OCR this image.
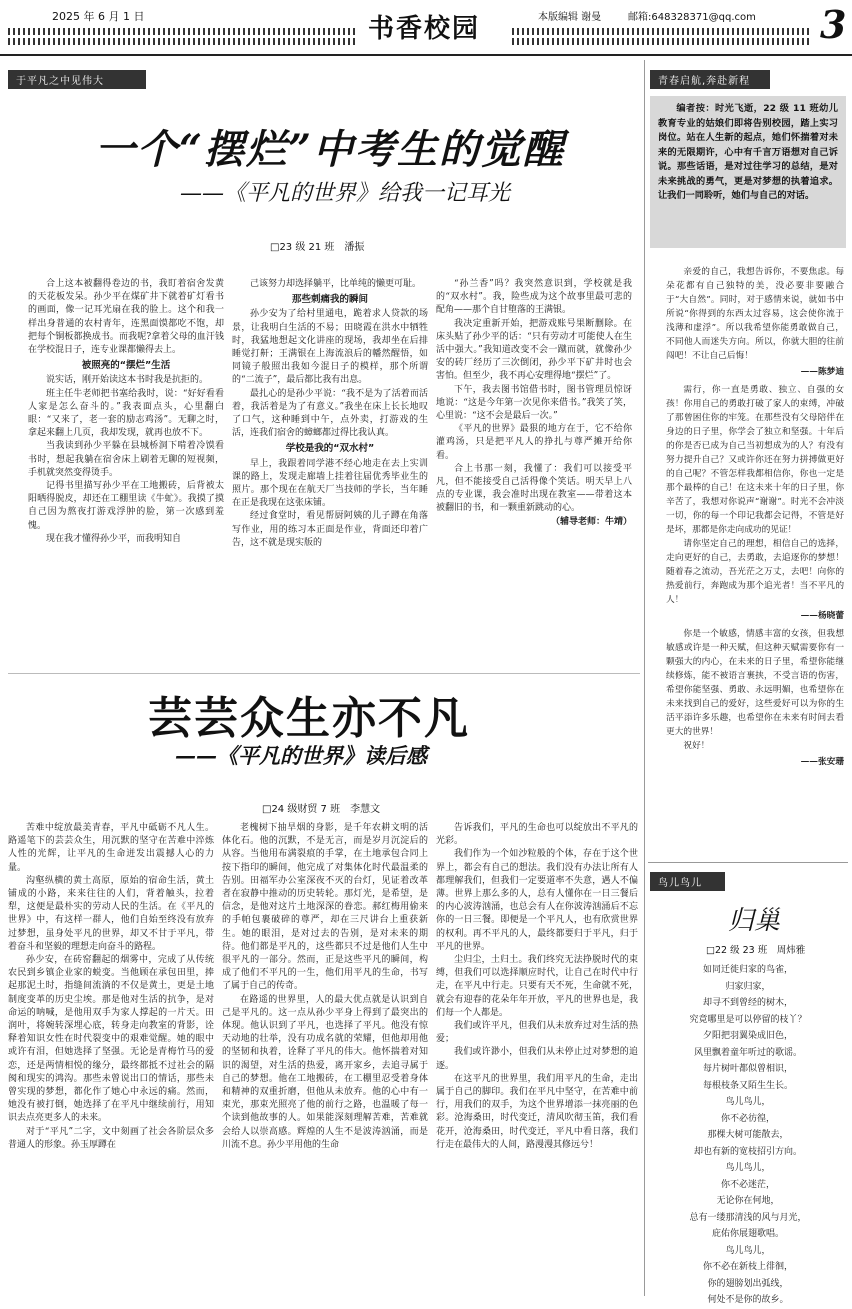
2025 年 6 月 1 日	书香校园	本版编辑 谢曼	邮箱:648328371@qq.com 3
于平凡之中见伟大
一个“摆烂”中考生的觉醒
——《平凡的世界》给我一记耳光
□23 级 21 班　潘振

合上这本被翻得卷边的书，我盯着宿舍发黄的天花板发呆。孙少平在煤矿井下就着矿灯看书的画面，像一记耳光扇在我的脸上。这个和我一样出身普通的农村青年，连黑面馍都吃不饱，却把每个铜板都换成书。而我呢?拿着父母的血汗钱在学校混日子，连专业课都懒得去上。

被照亮的“摆烂”生活

说实话，刚开始读这本书时我是抗拒的。

班主任牛老师把书塞给我时，说：“好好看看人家是怎么奋斗的。”我表面点头，心里翻白眼：“又来了，老一套的励志鸡汤”。无聊之时，拿起来翻上几页，我却发现，就再也放不下。

当我读到孙少平躲在县城桥洞下啃着冷馍看书时，想起我躺在宿舍床上刷着无聊的短视频，手机就突然变得烫手。

记得书里描写孙少平在工地搬砖，后背被太阳晒得脱皮，却还在工棚里读《牛虻》。我摸了摸自己因为熬夜打游戏浮肿的脸，第一次感到羞愧。

现在我才懂得孙少平，而我明知自

己该努力却选择躺平，比单纯的懒更可耻。

那些刺痛我的瞬间

孙少安为了给村里通电，跪着求人贷款的场景，让我明白生活的不易；田晓霞在洪水中牺牲时，我猛地想起文化讲座的现场，我却坐在后排睡觉打鼾；王满银在上海流浪后的幡然醒悟，如同镜子般照出我如今混日子的模样，那个所谓的“二流子”，最后都比我有出息。

最扎心的是孙少平说：“我不是为了活着而活着，我活着是为了有意义。”我坐在床上长长地叹了口气，这种睡到中午，点外卖，打游戏的生活，连我们宿舍的蟑螂都过得比我认真。

学校是我的“双水村”

早上，我跟着同学港不经心地走在去上实训课的路上，发现走廊墙上挂着往届优秀毕业生的照片。那个现在在航天厂当技师的学长，当年睡在正是我现在这张床铺。

经过食堂时，看见帮厨阿姨的儿子蹲在角落写作业，用的练习本正面是作业，背面还印着广告，这不就是现实版的

“孙兰香”吗？我突然意识到，学校就是我的“双水村”。我，险些成为这个故事里最可悲的配角——那个自甘堕落的王满银。

我决定重新开始，把游戏账号果断删除。在床头贴了孙少平的话：“只有劳动才可能使人在生活中强大。”我知道改变不会一蹴而就，就像孙少安的砖厂经历了三次倒闭，孙少平下矿井时也会害怕。但至少，我不再心安理得地“摆烂”了。

下午，我去图书馆借书时，图书管理员惊讶地说：“这是今年第一次见你来借书。”我笑了笑，心里说：“这不会是最后一次。”

《平凡的世界》最狠的地方在于，它不给你灌鸡汤，只是把平凡人的挣扎与尊严摊开给你看。

合上书那一刻，我懂了：我们可以接受平凡，但不能接受自己活得像个笑话。明天早上八点的专业课，我会准时出现在教室——带着这本被翻旧的书，和一颗重新跳动的心。

（辅导老师：牛靖）
芸芸众生亦不凡
——《平凡的世界》读后感
□24 级财贸 7 班　李慧文

苦难中绽放最美青春，平凡中砥砺不凡人生。路遥笔下的芸芸众生，用沉默的坚守在苦难中淬炼人性的光辉，让平凡的生命迸发出震撼人心的力量。

沟壑纵横的黄土高原，原始的宿命生活，黄土铺成的小路，来来往往的人们，背着触头，拉着犁，这便是最朴实的劳动人民的生活。在《平凡的世界》中，有这样一群人，他们自始至终没有放弃过梦想，虽身处平凡的世界，却又不甘于平凡，带着奋斗和坚毅的理想走向奋斗的路程。

孙少安，在砖窑翻起的烟雾中，完成了从传统农民到乡镇企业家的蜕变。当他顾在承包田里，捧起那泥土时，指缝间流淌的不仅是黄土，更是土地制度变革的历史尘埃。那是他对生活的抗争，是对命运的呐喊，是他用双手为家人撑起的一片天。田润叶，将婉转深埋心底，转身走向教室的背影，诠释着知识女性在时代裂变中的艰难觉醒。她的眼中或许有泪，但她选择了坚强。无论是青梅竹马的爱恋，还是两情相悦的缘分，最终都抵不过社会的隔阂和现实的鸿沟。那些未曾说出口的情话，那些未曾实现的梦想，都化作了她心中永远的痛。然而，她没有被打倒，她选择了在平凡中继续前行，用知识去点亮更多人的未来。

对于“平凡”二字，文中刻画了社会各阶层众多普通人的形象。孙玉厚蹲在

老槐树下抽旱烟的身影，是千年农耕文明的活体化石。他的沉默，不是无言，而是岁月沉淀后的从容。当他用布满裂痕的手掌，在土地承包合同上按下指印的瞬间，他完成了对集体化时代最温柔的告别。田福军办公室深夜不灭的台灯，见证着改革者在寂静中推动的历史转轮。那灯光，是希望，是信念，是他对这片土地深深的眷恋。郝红梅用偷来的手帕包裹破碎的尊严，却在三尺讲台上重获新生。她的眼泪，是对过去的告别，是对未来的期待。他们都是平凡的，这些都只不过是他们人生中很平凡的一部分。然而，正是这些平凡的瞬间，构成了他们不平凡的一生，他们用平凡的生命，书写了属于自己的传奇。

在路遥的世界里，人的最大优点就是认识到自己是平凡的。这一点从孙少平身上得到了最突出的体现。他认识到了平凡，也选择了平凡。他没有惊天动地的壮举，没有功成名就的荣耀，但他却用他的坚韧和执着，诠释了平凡的伟大。他怀揣着对知识的渴望，对生活的热爱，离开家乡，去追寻属于自己的梦想。他在工地搬砖，在工棚里忍受着身体和精神的双重折磨，但他从未放弃。他的心中有一束光，那束光照亮了他的前行之路，也温暖了每一个读到他故事的人。如果能深刻理解苦难，苦难就会给人以崇高感。辉煌的人生不是波涛汹涌，而是川流不息。孙少平用他的生命

告诉我们，平凡的生命也可以绽放出不平凡的光彩。

我们作为一个如沙粒般的个体，存在于这个世界上，都会有自己的想法。我们没有办法让所有人都理解我们，但我们一定要道率不失意，遇人不偏薄。世界上那么多的人，总有人懂你在一日三餐后的内心波涛汹涌，也总会有人在你波涛汹涌后不忘你的一日三餐。即便是一个平凡人，也有欣赏世界的权利。再不平凡的人，最终都要归于平凡，归于平凡的世界。

尘归尘，土归土。我们终究无法挣脱时代的束缚，但我们可以选择顺应时代，让自己在时代中行走，在平凡中行走。只要有天不死，生命就不死，就会有迎春的花朵年年开放，平凡的世界也是，我们每一个人都是。

我们或许平凡，但我们从未放弃过对生活的热爱；

我们或许渺小，但我们从未停止过对梦想的追逐。

在这平凡的世界里，我们用平凡的生命，走出属于自己的脚印。我们在平凡中坚守，在苦难中前行，用我们的双手，为这个世界增添一抹亮丽的色彩。沧海桑田，时代变迁，清风吹彻玉笛，我们看花开，沧海桑田，时代变迁，平凡中看日落，我们行走在最伟大的人间，路漫漫其修远兮！

青春启航,奔赴新程
编者按：时光飞逝，22 级 11 班幼儿教育专业的姑娘们即将告别校园，踏上实习岗位。站在人生新的起点，她们怀揣着对未来的无限期许，心中有千言万语想对自己诉说。那些话语，是对过往学习的总结，是对未来挑战的勇气，更是对梦想的执着追求。让我们一同聆听，她们与自己的对话。

亲爱的自己，我想告诉你，不要焦虑。每朵花都有自己独特的美，没必要非要融合于“大自然”。同时，对于感情来说，就如书中所说“你得到的东西太过容易，这会使你流于浅薄和虚浮”。所以我希望你能勇敢做自己，不同他人而迷失方向。所以，你就大胆的往前闯吧！不让自己后悔！

——陈梦迪

需行，你一直是勇敢、独立、自强的女孩！你用自己的勇敢打破了家人的束缚，冲破了那曾困住你的牢笼。在那些没有父母陪伴在身边的日子里，你学会了独立和坚强。十年后的你是否已成为自己当初想成为的人？有没有努力提升自己？又或许你还在努力拼搏做更好的自己呢？不管怎样我都相信你，你也一定是那个最棒的自己！在这未来十年的日子里，你辛苦了，我想对你说声“谢谢”。时光不会冲淡一切，你的每一个印记我都会记得，不管是好是坏，那都是你走向成功的见证！

请你坚定自己的理想，相信自己的选择，走向更好的自己，去勇敢，去追逐你的梦想！随着春之流动，吾光茫之万丈，去吧！向你的热爱前行，奔跑成为那个追光者！当不平凡的人！

——杨晓蕾

你是一个敏感，情感丰富的女孩，但我想敏感或许是一种天赋，但这种天赋需要你有一颗强大的内心，在未来的日子里，希望你能继续修炼，能不被语言裹挟，不受言语的伤害，希望你能坚强、勇敢、永远明媚，也希望你在未来找到自己的爱好，这些爱好可以为你的生活平添许多乐趣，也希望你在未来有时间去看更大的世界！

祝好！

——张安珊
鸟儿鸟儿
归巢
□22 级 23 班　周炜雅
如同迁徙归家的鸟雀，
归家归家，
却寻不到曾经的树木，
究竟哪里是可以停留的枝丫？
夕阳把羽翼染成旧色，
风里飘着童年听过的歌谣。
每片树叶都似曾相识，
每根枝条又陌生生长。
鸟儿鸟儿，
你不必彷徨，
那棵大树可能散去，
却也有新的宽枝招引方向。
鸟儿鸟儿，
你不必迷茫，
无论你在何地，
总有一缕那清浅的风与月光，
庇佑你展翅歌唱。
鸟儿鸟儿，
你不必在新枝上徘徊，
你的翅膀划出弧线，
何处不是你的故乡。
